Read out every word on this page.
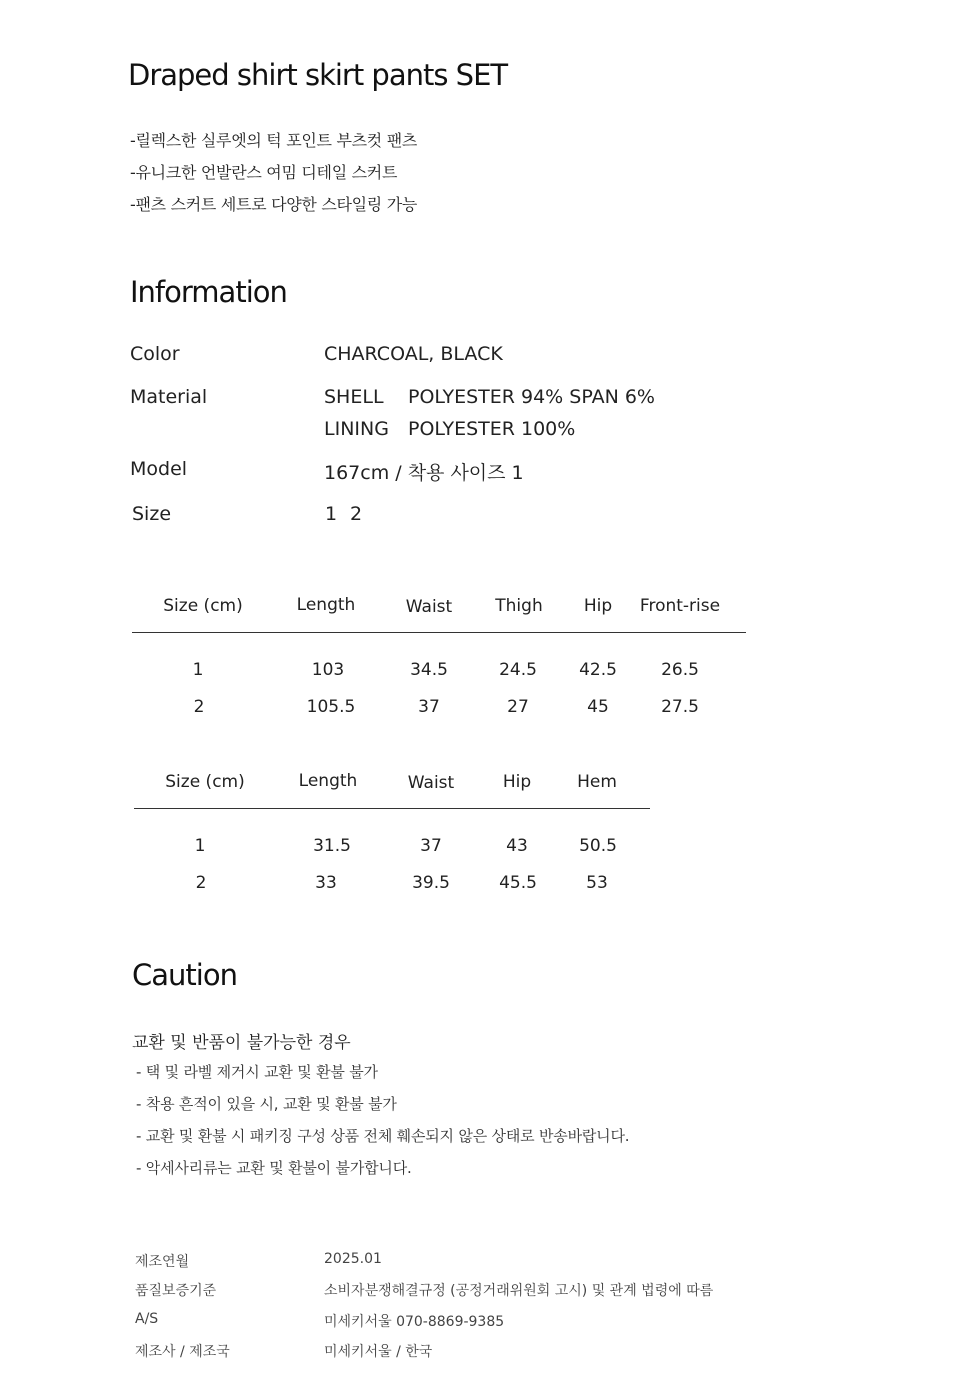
Draped shirt skirt pants SET

-릴렉스한 실루엣의 턱 포인트 부츠컷 팬츠

-유니크한 언발란스 여밈 디테일 스커트

-팬츠 스커트 세트로 다양한 스타일링 가능

Information
Color	CHARCOAL, BLACK
Material	SHELL POLYESTER 94% SPAN 6%
LINING POLYESTER 100%
Model	167cm / 착용 사이즈 1
Size	1 2
Size (cm)	Length	Waist	Thigh Hip Front-rise
1	103	34.5	24.5 42.5	26.5
2	105.5	37	27	45	27.5
Size (cm)	Length	Waist	Hip	Hem
1	31.5	37	43	50.5
2	33	39.5	45.5	53
Caution

교환 및 반품이 불가능한 경우

- 택 및 라벨 제거시 교환 및 환불 불가

- 착용 흔적이 있을 시, 교환 및 환불 불가

- 교환 및 환불 시 패키징 구성 상품 전체 훼손되지 않은 상태로 반송바랍니다.

- 악세사리류는 교환 및 환불이 불가합니다.

제조연월	2025.01
품질보증기준	소비자분쟁해결규정 (공정거래위원회 고시) 및 관계 법령에 따름
A/S	미세키서울 070-8869-9385
제조사 / 제조국	미세키서울 / 한국
